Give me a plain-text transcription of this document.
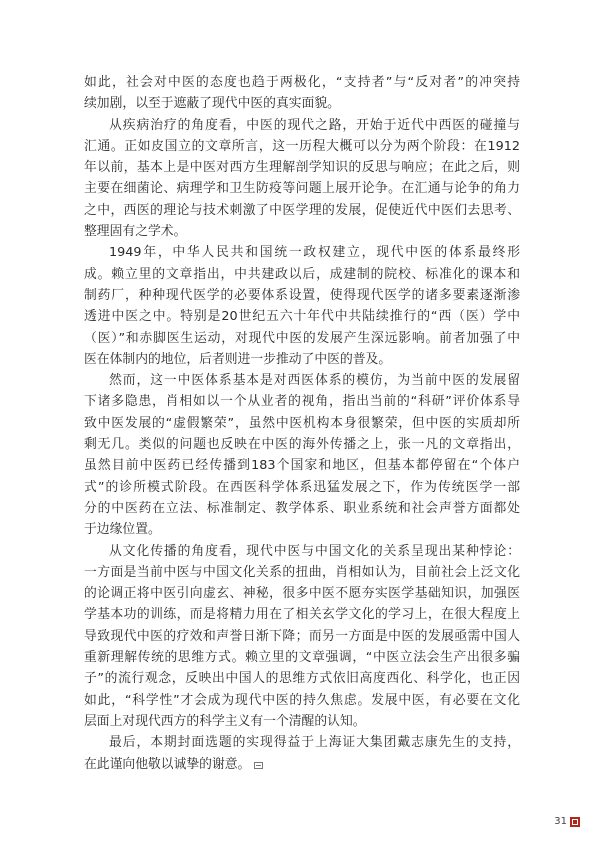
如此，社会对中医的态度也趋于两极化，“支持者”与“反对者”的冲突持
续加剧，以至于遮蔽了现代中医的真实面貌。
从疾病治疗的角度看，中医的现代之路，开始于近代中西医的碰撞与
汇通。正如皮国立的文章所言，这一历程大概可以分为两个阶段：在1912
年以前，基本上是中医对西方生理解剖学知识的反思与响应；在此之后，则
主要在细菌论、病理学和卫生防疫等问题上展开论争。在汇通与论争的角力
之中，西医的理论与技术刺激了中医学理的发展，促使近代中医们去思考、
整理固有之学术。
1949年，中华人民共和国统一政权建立，现代中医的体系最终形
成。赖立里的文章指出，中共建政以后，成建制的院校、标准化的课本和
制药厂，种种现代医学的必要体系设置，使得现代医学的诸多要素逐渐渗
透进中医之中。特别是20世纪五六十年代中共陆续推行的“西（医）学中
（医）”和赤脚医生运动，对现代中医的发展产生深远影响。前者加强了中
医在体制内的地位，后者则进一步推动了中医的普及。
然而，这一中医体系基本是对西医体系的模仿，为当前中医的发展留
下诸多隐患，肖相如以一个从业者的视角，指出当前的“科研”评价体系导
致中医发展的“虚假繁荣”，虽然中医机构本身很繁荣，但中医的实质却所
剩无几。类似的问题也反映在中医的海外传播之上，张一凡的文章指出，
虽然目前中医药已经传播到183个国家和地区，但基本都停留在“个体户
式”的诊所模式阶段。在西医科学体系迅猛发展之下，作为传统医学一部
分的中医药在立法、标准制定、教学体系、职业系统和社会声誉方面都处
于边缘位置。
从文化传播的角度看，现代中医与中国文化的关系呈现出某种悖论：
一方面是当前中医与中国文化关系的扭曲，肖相如认为，目前社会上泛文化
的论调正将中医引向虚玄、神秘，很多中医不愿夯实医学基础知识，加强医
学基本功的训练，而是将精力用在了相关玄学文化的学习上，在很大程度上
导致现代中医的疗效和声誉日渐下降；而另一方面是中医的发展亟需中国人
重新理解传统的思维方式。赖立里的文章强调，“中医立法会生产出很多骗
子”的流行观念，反映出中国人的思维方式依旧高度西化、科学化，也正因
如此，“科学性”才会成为现代中医的持久焦虑。发展中医，有必要在文化
层面上对现代西方的科学主义有一个清醒的认知。
最后，本期封面选题的实现得益于上海证大集团戴志康先生的支持，
在此谨向他敬以诚挚的谢意。
31
